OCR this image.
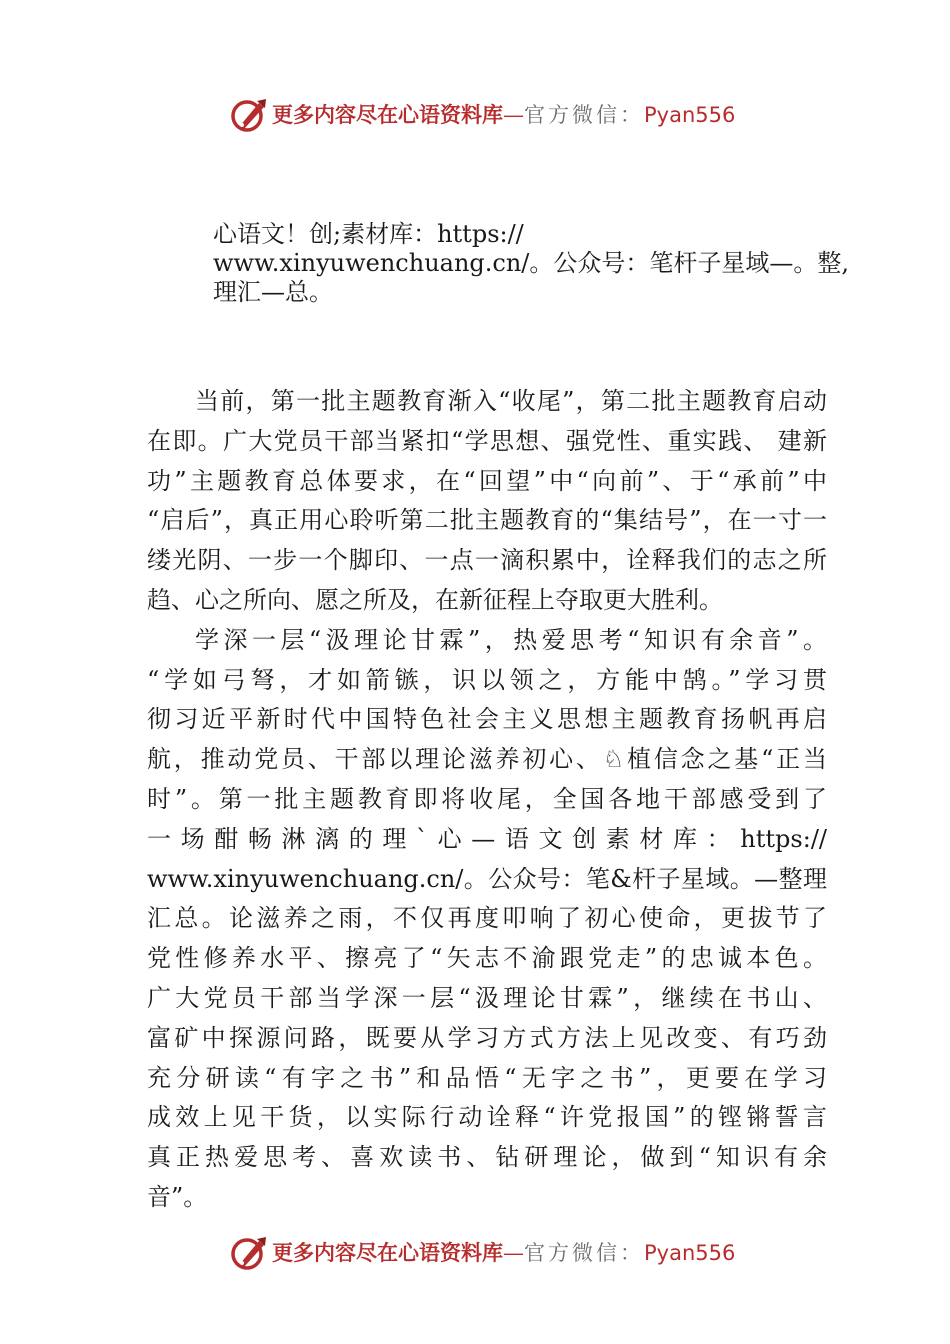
更多内容尽在心语资料库—官方微信：Pyan556
心语文！创;素材库：https://
www.xinyuwenchuang.cn/。公众号：笔杆子星域—。整,
理汇—总。
当前，第一批主题教育渐入“收尾”，第二批主题教育启动
在即。广大党员干部当紧扣“学思想、强党性、重实践、 建新
功”主题教育总体要求，在“回望”中“向前”、于“承前”中
“启后”，真正用心聆听第二批主题教育的“集结号”，在一寸一
缕光阴、一步一个脚印、一点一滴积累中，诠释我们的志之所
趋、心之所向、愿之所及，在新征程上夺取更大胜利。
学深一层“汲理论甘霖”，热爱思考“知识有余音”。
“学如弓弩，才如箭镞，识以领之，方能中鹄。”学习贯
彻习近平新时代中国特色社会主义思想主题教育扬帆再启
航，推动党员、干部以理论滋养初心、♘植信念之基“正当
时”。第一批主题教育即将收尾，全国各地干部感受到了
一场酣畅淋漓的理`心—语文创素材库：https://
www.xinyuwenchuang.cn/。公众号：笔&杆子星域。—整理
汇总。论滋养之雨，不仅再度叩响了初心使命，更拔节了
党性修养水平、擦亮了“矢志不渝跟党走”的忠诚本色。
广大党员干部当学深一层“汲理论甘霖”，继续在书山、
富矿中探源问路，既要从学习方式方法上见改变、有巧劲
充分研读“有字之书”和品悟“无字之书”，更要在学习
成效上见干货，以实际行动诠释“许党报国”的铿锵誓言
真正热爱思考、喜欢读书、钻研理论，做到“知识有余
音”。
更多内容尽在心语资料库—官方微信：Pyan556
